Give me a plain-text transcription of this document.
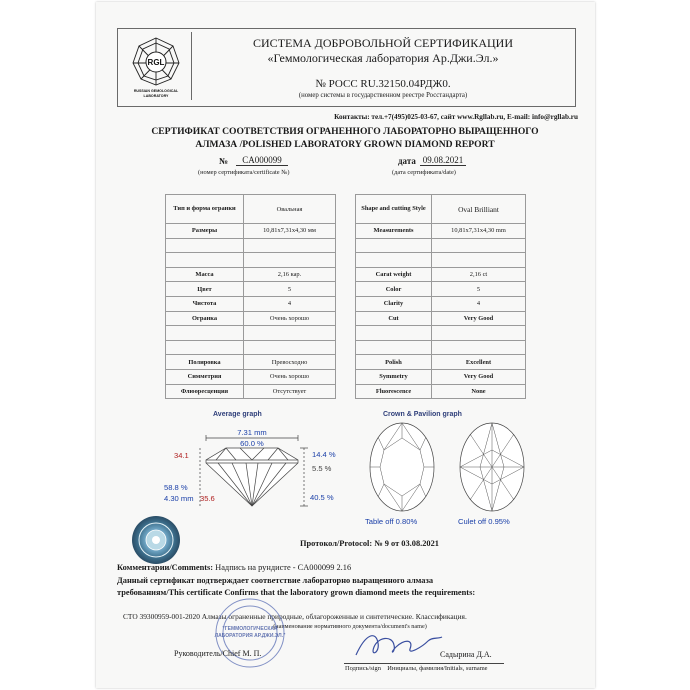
RGL
RUSSIAN GEMOLOGICAL
LABORATORY
СИСТЕМА ДОБРОВОЛЬНОЙ СЕРТИФИКАЦИИ
«Геммологическая лаборатория Ар.Джи.Эл.»
№ РОСС RU.32150.04РДЖ0.
(номер системы в государственном реестре Росстандарта)
Контакты: тел.+7(495)025-03-67, сайт www.Rgllab.ru, E-mail: info@rgllab.ru
СЕРТИФИКАТ СООТВЕТСТВИЯ ОГРАНЕННОГО ЛАБОРАТОРНО ВЫРАЩЕННОГО
АЛМАЗА /POLISHED LABORATORY GROWN DIAMOND REPORT
№	CA000099
(номер сертификата/certificate №)
дата 09.08.2021
(дата сертификата/date)
Тип и форма огранки	Овальная
Размеры	10,81x7,31x4,30 мм

Масса	2,16 кар.
Цвет	5
Чистота	4
Огранка	Очень хорошо

Полировка	Превосходно
Симметрия	Очень хорошо
Флюоресценция	Отсутствует
Shape and cutting Style	Oval Brilliant
Measurements	10,81x7,31x4,30 mm

Carat weight	2,16 ct
Color	5
Clarity	4
Cut	Very Good

Polish	Excellent
Symmetry	Very Good
Fluorescence	None
Average graph
7.31 mm
60.0 %
34.1	14.4 %
5.5 %
58.8 %
4.30 mm 35.6	40.5 %
Crown & Pavilion graph
Table off 0.80%	Culet off 0.95%
Протокол/Protocol: № 9 от 03.08.2021
Комментарии/Comments: Надпись на рундисте - CA000099 2.16
Данный сертификат подтверждает соответствие лабораторно выращенного алмаза
требованиям/This certificate Confirms that the laboratory grown diamond meets the requirements:
СТО 39300959-001-2020 Алмазы ограненные природные, облагороженные и синтетические. Классификация.
(наименование нормативного документа/document's name)
"ГЕММОЛОГИЧЕСКАЯ
ЛАБОРАТОРИЯ АР.ДЖИ.ЭЛ."
Руководитель/Chief М. П.	Садырина Д.А.
Подпись/sign    Инициалы, фамилия/Initials, surname
